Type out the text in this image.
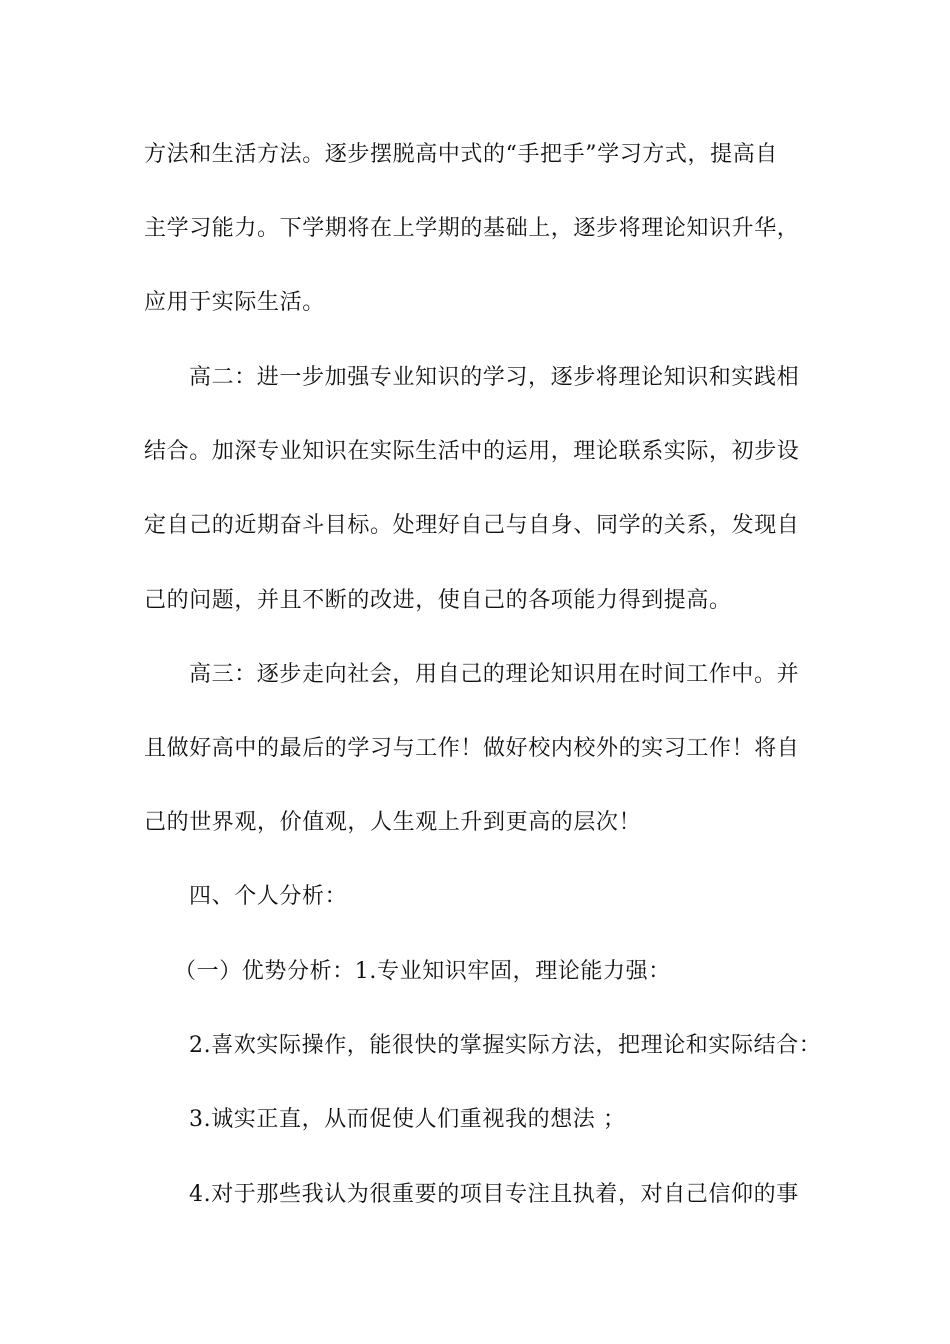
方法和生活方法。逐步摆脱高中式的“手把手”学习方式，提高自
主学习能力。下学期将在上学期的基础上，逐步将理论知识升华，
应用于实际生活。
高二：进一步加强专业知识的学习，逐步将理论知识和实践相
结合。加深专业知识在实际生活中的运用，理论联系实际，初步设
定自己的近期奋斗目标。处理好自己与自身、同学的关系，发现自
己的问题，并且不断的改进，使自己的各项能力得到提高。
高三：逐步走向社会，用自己的理论知识用在时间工作中。并
且做好高中的最后的学习与工作！做好校内校外的实习工作！将自
己的世界观，价值观，人生观上升到更高的层次！
四、个人分析：
（一）优势分析：1.专业知识牢固，理论能力强：
2.喜欢实际操作，能很快的掌握实际方法，把理论和实际结合：
3.诚实正直，从而促使人们重视我的想法 ；
4.对于那些我认为很重要的项目专注且执着，对自己信仰的事
